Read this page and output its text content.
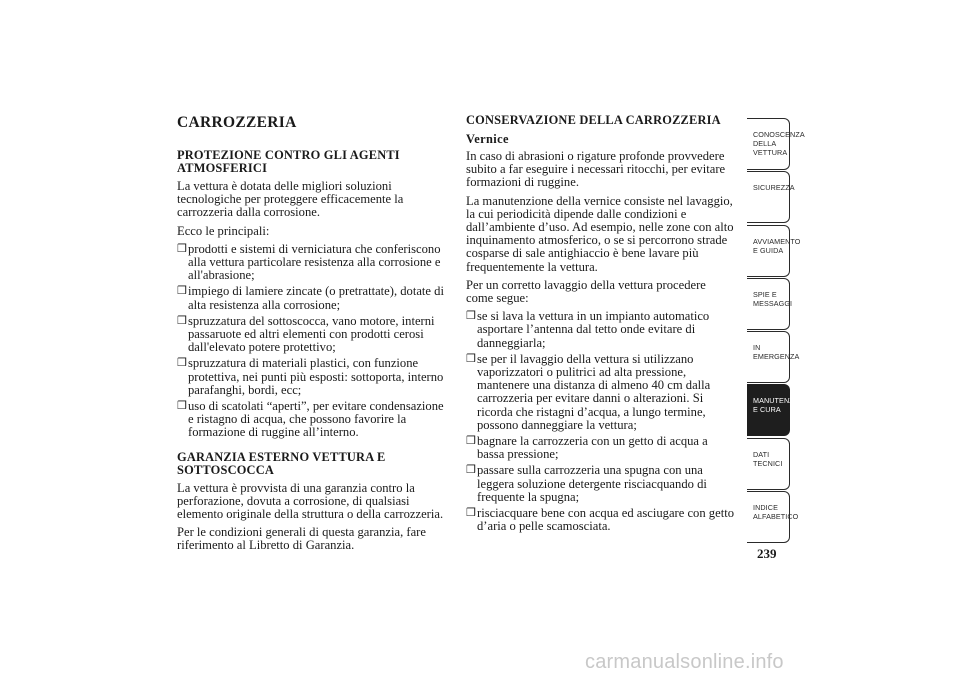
CARROZZERIA
PROTEZIONE CONTRO GLI AGENTI ATMOSFERICI

La vettura è dotata delle migliori soluzioni tecnologiche per proteggere efficacemente la carrozzeria dalla corrosione.

Ecco le principali:

❒ prodotti e sistemi di verniciatura che conferiscono alla vettura particolare resistenza alla corrosione e all'abrasione;
❒ impiego di lamiere zincate (o pretrattate), dotate di alta resistenza alla corrosione;
❒ spruzzatura del sottoscocca, vano motore, interni passaruote ed altri elementi con prodotti cerosi dall'elevato potere protettivo;
❒ spruzzatura di materiali plastici, con funzione protettiva, nei punti più esposti: sottoporta, interno parafanghi, bordi, ecc;
❒ uso di scatolati “aperti”, per evitare condensazione e ristagno di acqua, che possono favorire la formazione di ruggine all’interno.
GARANZIA ESTERNO VETTURA E SOTTOSCOCCA

La vettura è provvista di una garanzia contro la perforazione, dovuta a corrosione, di qualsiasi elemento originale della struttura o della carrozzeria.

Per le condizioni generali di questa garanzia, fare riferimento al Libretto di Garanzia.

CONSERVAZIONE DELLA CARROZZERIA
Vernice

In caso di abrasioni o rigature profonde provvedere subito a far eseguire i necessari ritocchi, per evitare formazioni di ruggine.

La manutenzione della vernice consiste nel lavaggio, la cui periodicità dipende dalle condizioni e dall’ambiente d’uso. Ad esempio, nelle zone con alto inquinamento atmosferico, o se si percorrono strade cosparse di sale antighiaccio è bene lavare più frequentemente la vettura.

Per un corretto lavaggio della vettura procedere come segue:

❒ se si lava la vettura in un impianto automatico asportare l’antenna dal tetto onde evitare di danneggiarla;
❒ se per il lavaggio della vettura si utilizzano vaporizzatori o pulitrici ad alta pressione, mantenere una distanza di almeno 40 cm dalla carrozzeria per evitare danni o alterazioni. Si ricorda che ristagni d’acqua, a lungo termine, possono danneggiare la vettura;
❒ bagnare la carrozzeria con un getto di acqua a bassa pressione;
❒ passare sulla carrozzeria una spugna con una leggera soluzione detergente risciacquando di frequente la spugna;
❒ risciacquare bene con acqua ed asciugare con getto d’aria o pelle scamosciata.
CONOSCENZA DELLA VETTURA
SICUREZZA
AVVIAMENTO E GUIDA
SPIE E MESSAGGI
IN EMERGENZA
MANUTENZIONE E CURA
DATI TECNICI
INDICE ALFABETICO
239
carmanualsonline.info
